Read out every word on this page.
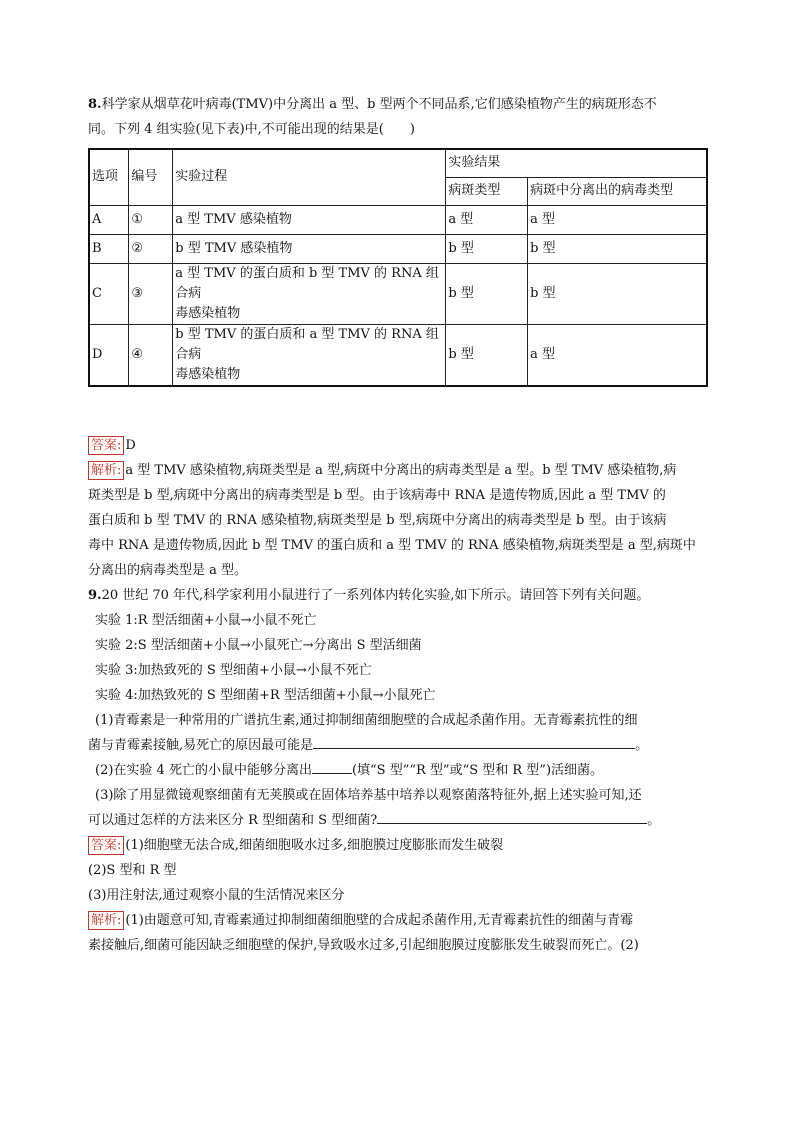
8.科学家从烟草花叶病毒(TMV)中分离出 a 型、b 型两个不同品系,它们感染植物产生的病斑形态不

同。下列 4 组实验(见下表)中,不可能出现的结果是(　　)

选项	编号	实验过程	实验结果	
			病斑类型	病斑中分离出的病毒类型
A	①	a 型 TMV 感染植物	a 型	a 型
B	②	b 型 TMV 感染植物	b 型	b 型
C	③	a 型 TMV 的蛋白质和 b 型 TMV 的 RNA 组合病
毒感染植物	b 型	b 型
D	④	b 型 TMV 的蛋白质和 a 型 TMV 的 RNA 组合病
毒感染植物	b 型	a 型

答案: D

解析: a 型 TMV 感染植物,病斑类型是 a 型,病斑中分离出的病毒类型是 a 型。b 型 TMV 感染植物,病

斑类型是 b 型,病斑中分离出的病毒类型是 b 型。由于该病毒中 RNA 是遗传物质,因此 a 型 TMV 的

蛋白质和 b 型 TMV 的 RNA 感染植物,病斑类型是 b 型,病斑中分离出的病毒类型是 b 型。由于该病

毒中 RNA 是遗传物质,因此 b 型 TMV 的蛋白质和 a 型 TMV 的 RNA 感染植物,病斑类型是 a 型,病斑中

分离出的病毒类型是 a 型。

9.20 世纪 70 年代,科学家利用小鼠进行了一系列体内转化实验,如下所示。请回答下列有关问题。

实验 1:R 型活细菌+小鼠→小鼠不死亡

实验 2:S 型活细菌+小鼠→小鼠死亡→分离出 S 型活细菌

实验 3:加热致死的 S 型细菌+小鼠→小鼠不死亡

实验 4:加热致死的 S 型细菌+R 型活细菌+小鼠→小鼠死亡

(1)青霉素是一种常用的广谱抗生素,通过抑制细菌细胞壁的合成起杀菌作用。无青霉素抗性的细

菌与青霉素接触,易死亡的原因最可能是	。

(2)在实验 4 死亡的小鼠中能够分离出	(填“S 型”“R 型”或“S 型和 R 型”)活细菌。

(3)除了用显微镜观察细菌有无荚膜或在固体培养基中培养以观察菌落特征外,据上述实验可知,还

可以通过怎样的方法来区分 R 型细菌和 S 型细菌?	。

答案: (1)细胞壁无法合成,细菌细胞吸水过多,细胞膜过度膨胀而发生破裂

(2)S 型和 R 型

(3)用注射法,通过观察小鼠的生活情况来区分

解析: (1)由题意可知,青霉素通过抑制细菌细胞壁的合成起杀菌作用,无青霉素抗性的细菌与青霉

素接触后,细菌可能因缺乏细胞壁的保护,导致吸水过多,引起细胞膜过度膨胀发生破裂而死亡。(2)
